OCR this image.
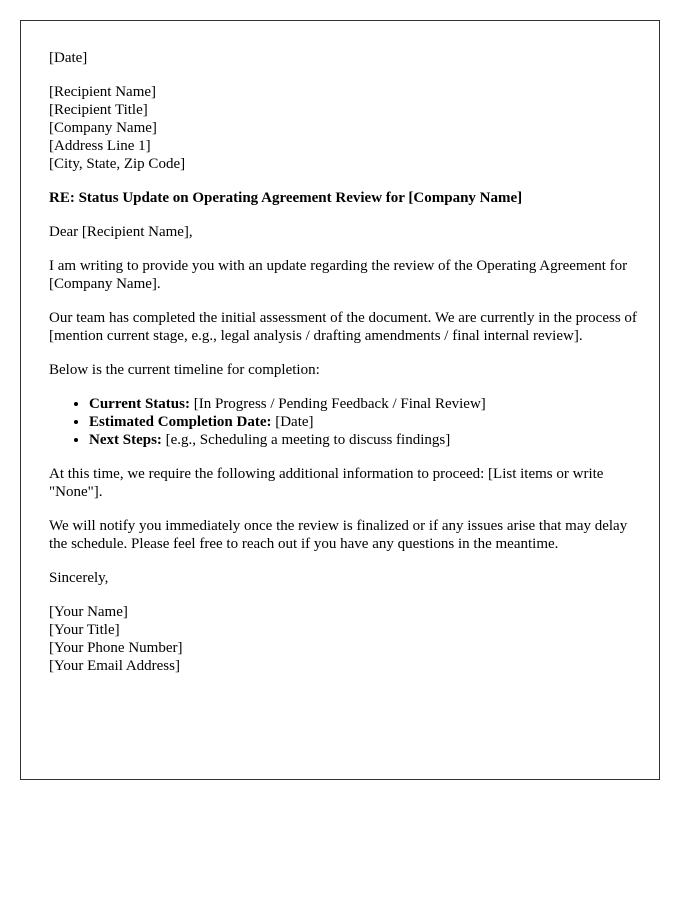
[Date]

[Recipient Name]
[Recipient Title]
[Company Name]
[Address Line 1]
[City, State, Zip Code]

RE: Status Update on Operating Agreement Review for [Company Name]

Dear [Recipient Name],

I am writing to provide you with an update regarding the review of the Operating Agreement for [Company Name].

Our team has completed the initial assessment of the document. We are currently in the process of [mention current stage, e.g., legal analysis / drafting amendments / final internal review].

Below is the current timeline for completion:

• Current Status: [In Progress / Pending Feedback / Final Review]
• Estimated Completion Date: [Date]
• Next Steps: [e.g., Scheduling a meeting to discuss findings]

At this time, we require the following additional information to proceed: [List items or write "None"].

We will notify you immediately once the review is finalized or if any issues arise that may delay the schedule. Please feel free to reach out if you have any questions in the meantime.

Sincerely,

[Your Name]
[Your Title]
[Your Phone Number]
[Your Email Address]
